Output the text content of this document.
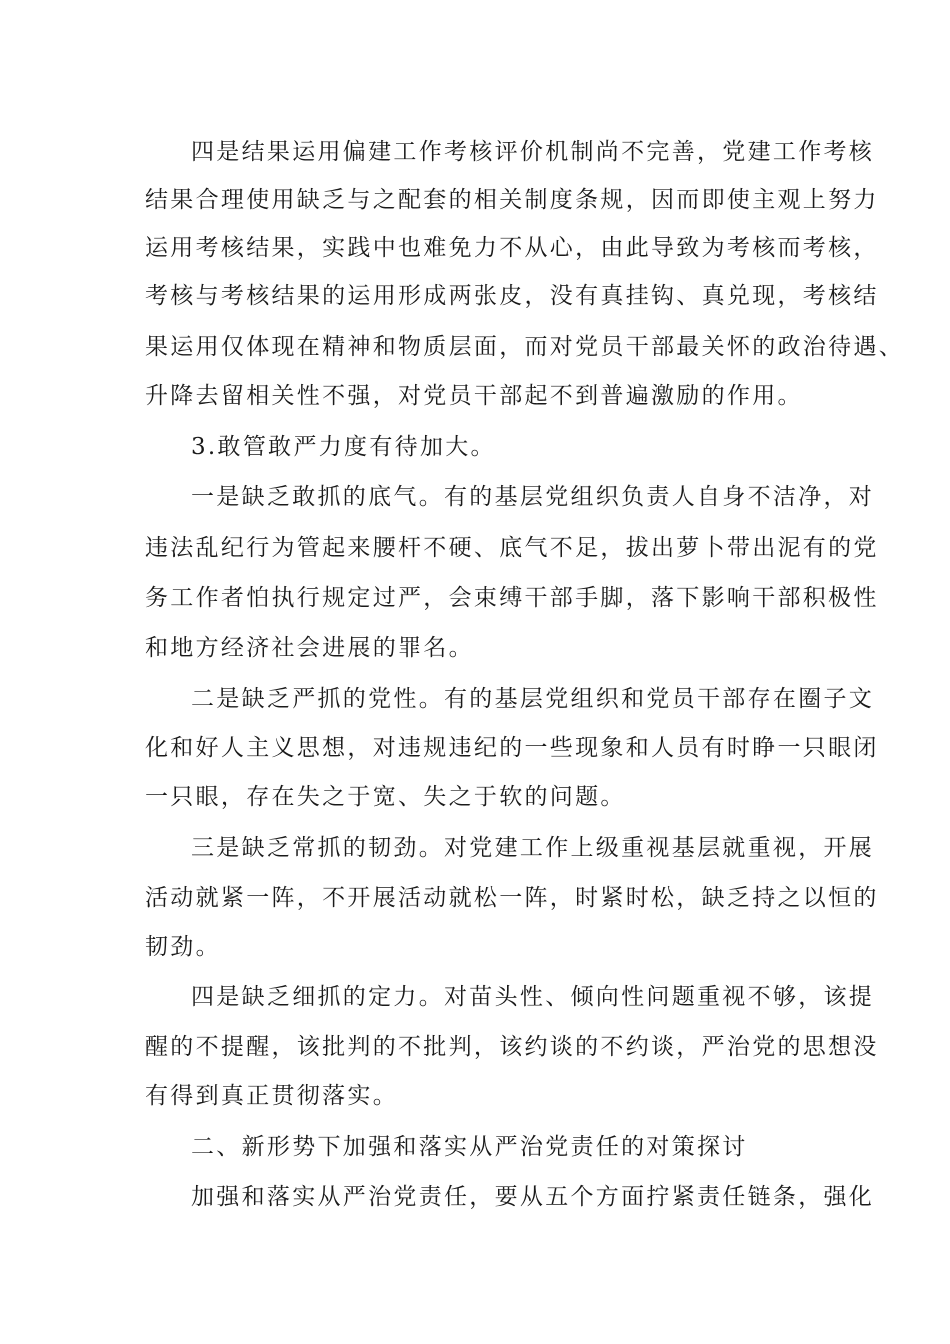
四是结果运用偏建工作考核评价机制尚不完善，党建工作考核

结果合理使用缺乏与之配套的相关制度条规，因而即使主观上努力

运用考核结果，实践中也难免力不从心，由此导致为考核而考核，

考核与考核结果的运用形成两张皮，没有真挂钩、真兑现，考核结

果运用仅体现在精神和物质层面，而对党员干部最关怀的政治待遇、

升降去留相关性不强，对党员干部起不到普遍激励的作用。

3.敢管敢严力度有待加大。

一是缺乏敢抓的底气。有的基层党组织负责人自身不洁净，对

违法乱纪行为管起来腰杆不硬、底气不足，拔出萝卜带出泥有的党

务工作者怕执行规定过严，会束缚干部手脚，落下影响干部积极性

和地方经济社会进展的罪名。

二是缺乏严抓的党性。有的基层党组织和党员干部存在圈子文

化和好人主义思想，对违规违纪的一些现象和人员有时睁一只眼闭

一只眼，存在失之于宽、失之于软的问题。

三是缺乏常抓的韧劲。对党建工作上级重视基层就重视，开展

活动就紧一阵，不开展活动就松一阵，时紧时松，缺乏持之以恒的

韧劲。

四是缺乏细抓的定力。对苗头性、倾向性问题重视不够，该提

醒的不提醒，该批判的不批判，该约谈的不约谈，严治党的思想没

有得到真正贯彻落实。

二、新形势下加强和落实从严治党责任的对策探讨

加强和落实从严治党责任，要从五个方面拧紧责任链条，强化
